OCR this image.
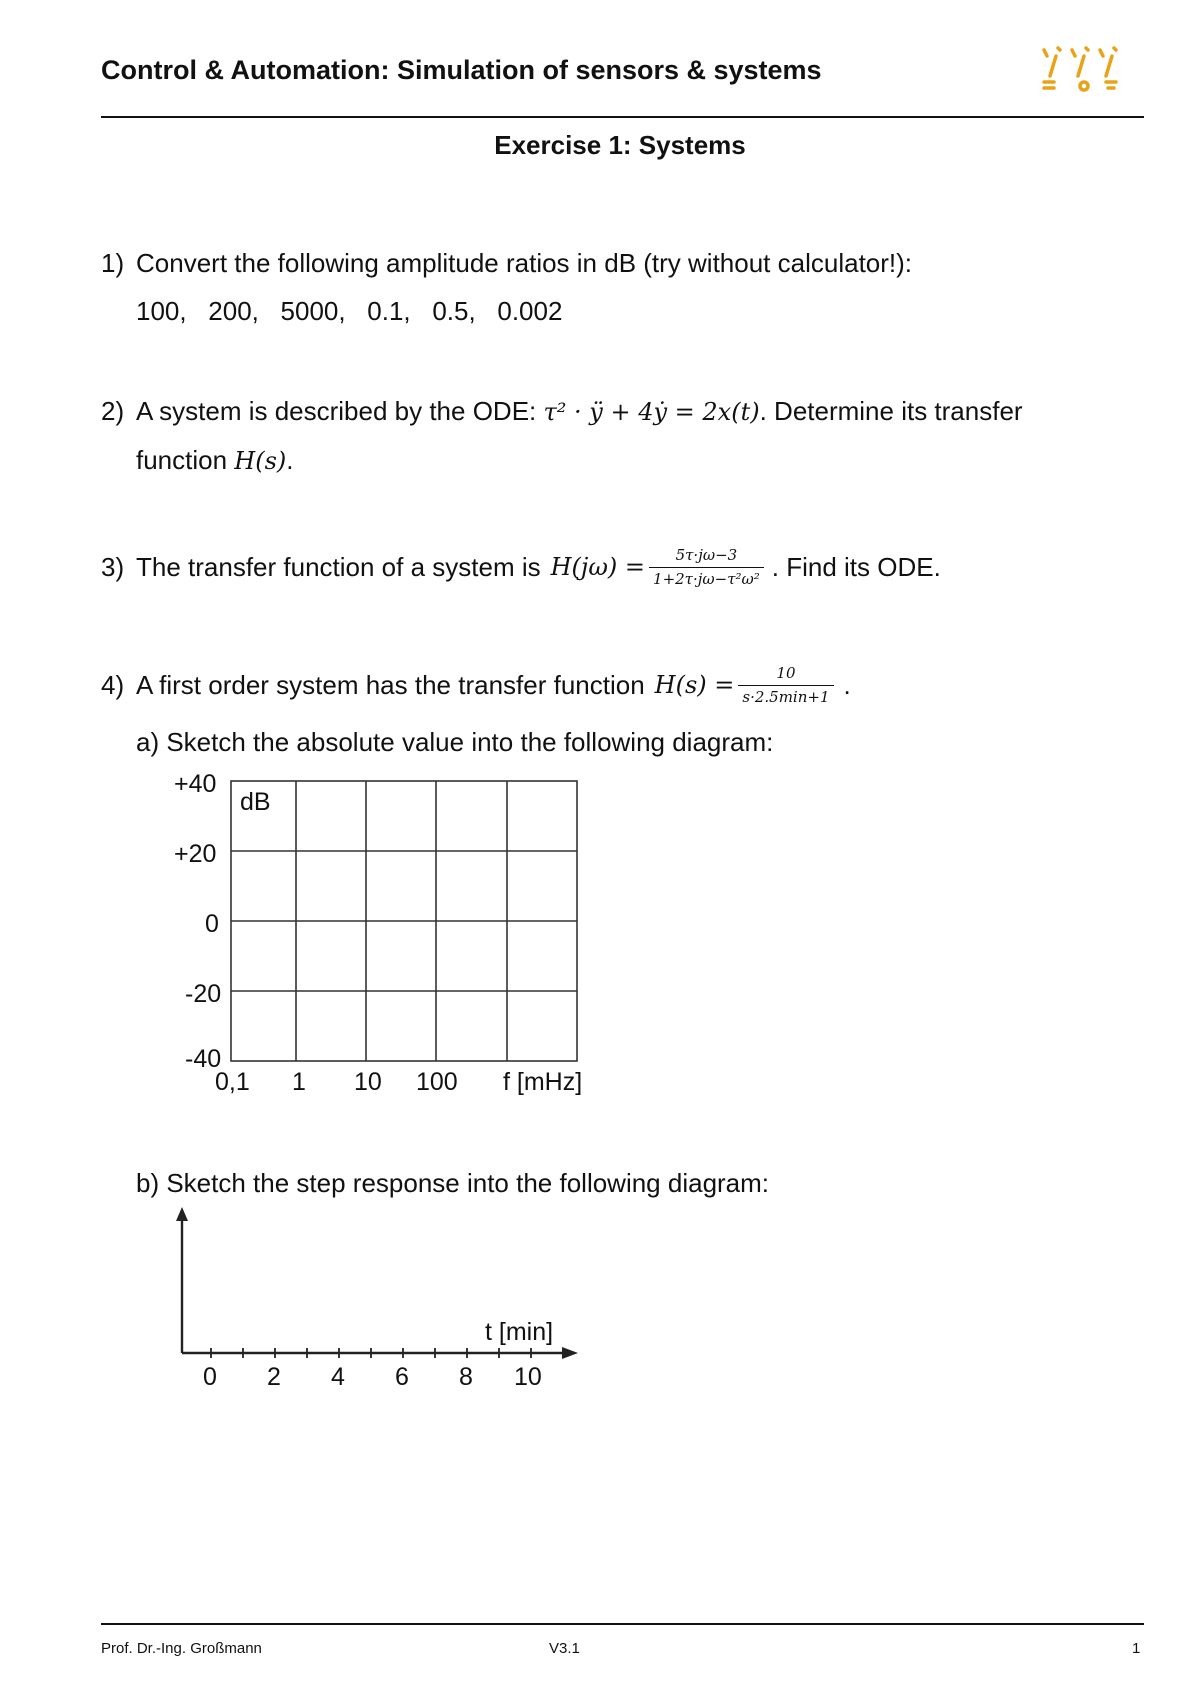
Control & Automation: Simulation of sensors & systems
Exercise 1: Systems
1) Convert the following amplitude ratios in dB (try without calculator!):
100,   200,   5000,   0.1,   0.5,   0.002
2) A system is described by the ODE: τ² · ÿ + 4ẏ = 2x(t). Determine its transfer
function H(s).
3) The transfer function of a system is $H(j\omega) = \frac{5\tau\cdot j\omega-3}{\text{1+2τ·jω−τ²ω²}}$ . Find its ODE.
4) A first order system has the transfer function $H(s) = \frac{10}{s\cdot 2.5\min+1}$ .
a) Sketch the absolute value into the following diagram:
dB
+40
+20
0
-20
-40
0,1 1 10 100 f [mHz]
b) Sketch the step response into the following diagram:
t [min]
0 2 4 6 8 10
Prof. Dr.-Ing. Großmann	V3.1	1
